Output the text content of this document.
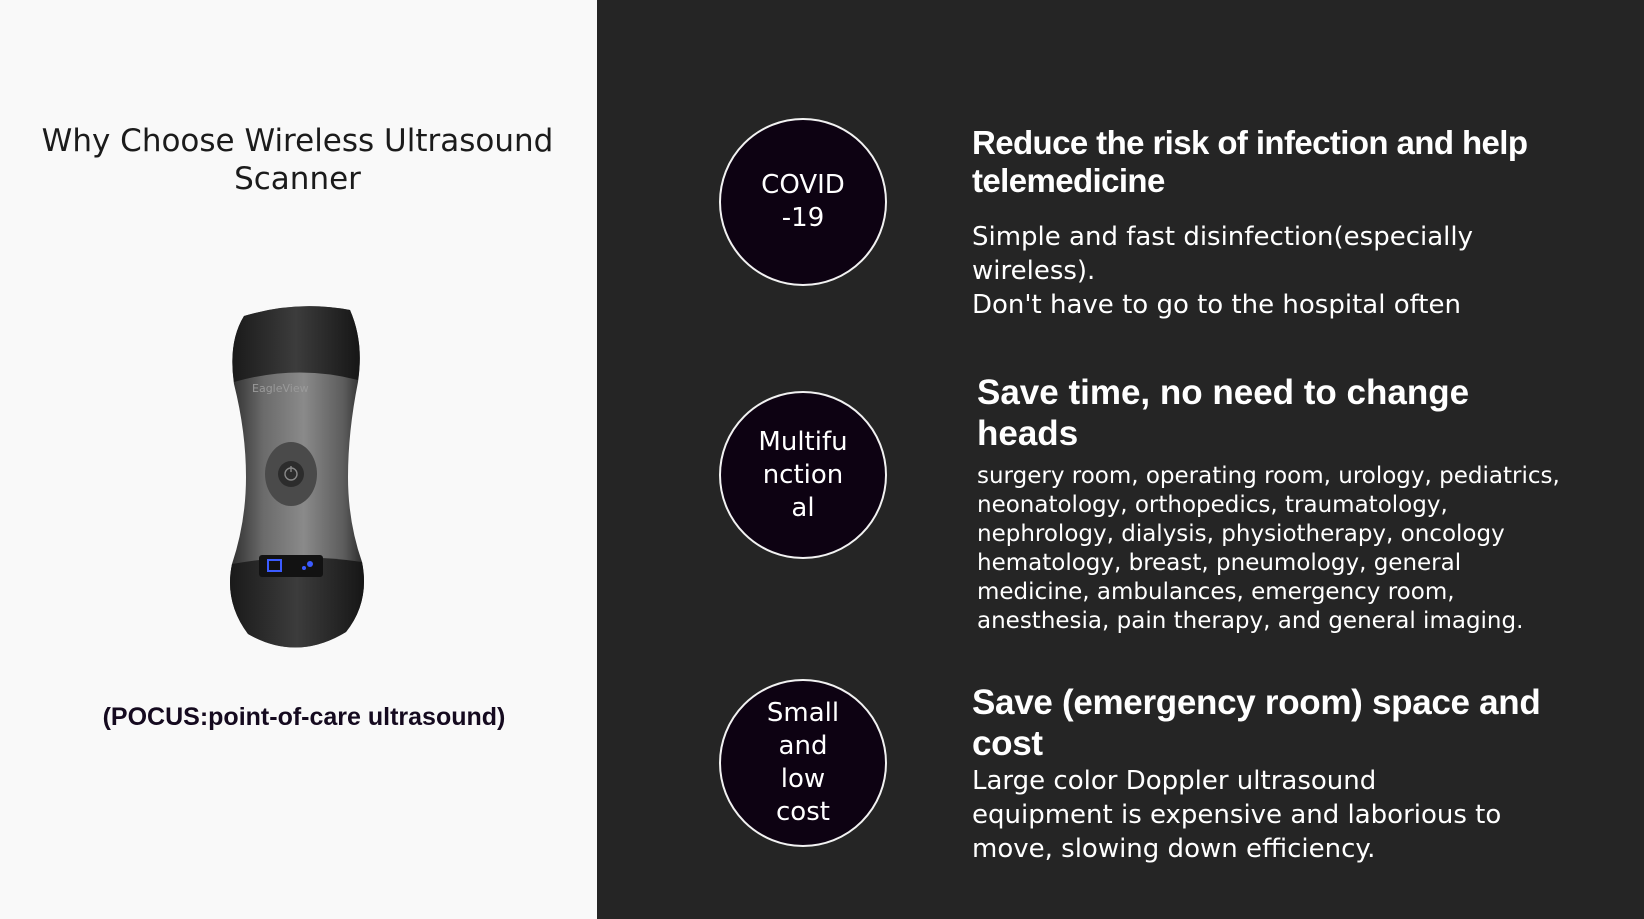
Why Choose Wireless Ultrasound Scanner
EagleView
(POCUS:point-of-care ultrasound)
COVID -19
Reduce the risk of infection and help telemedicine

Simple and fast disinfection(especially wireless).
Don't have to go to the hospital often

Multifu nction al
Save time, no need to change heads

surgery room, operating room, urology, pediatrics, neonatology, orthopedics, traumatology, nephrology, dialysis, physiotherapy, oncology hematology, breast, pneumology, general medicine, ambulances, emergency room, anesthesia, pain therapy, and general imaging.

Small and low cost
Save (emergency room) space and cost

Large color Doppler ultrasound equipment is expensive and laborious to move, slowing down efficiency.
